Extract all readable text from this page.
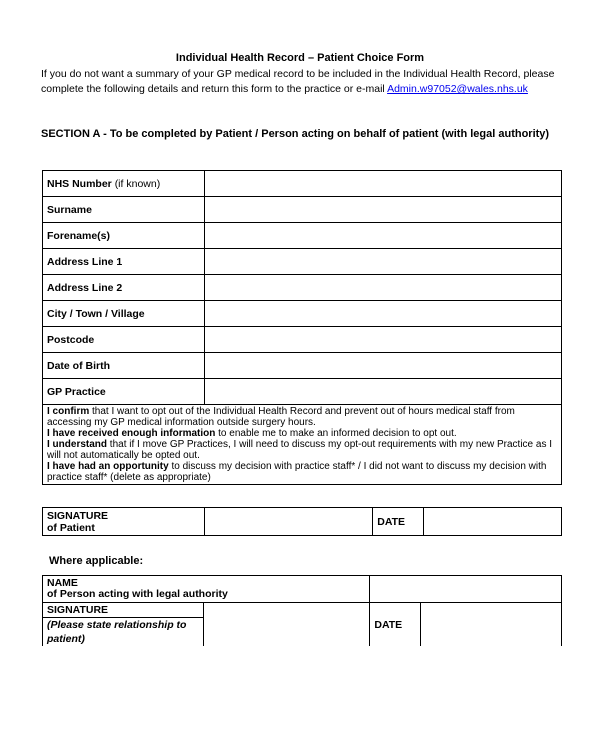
Individual Health Record – Patient Choice Form
If you do not want a summary of your GP medical record to be included in the Individual Health Record, please complete the following details and return this form to the practice or e-mail Admin.w97052@wales.nhs.uk
SECTION A - To be completed by Patient / Person acting on behalf of patient (with legal authority)
NHS Number (if known)	
Surname	
Forename(s)	
Address Line 1	
Address Line 2	
City / Town / Village	
Postcode	
Date of Birth	
GP Practice	

I confirm that I want to opt out of the Individual Health Record and prevent out of hours medical staff from accessing my GP medical information outside surgery hours.

I have received enough information to enable me to make an informed decision to opt out.

I understand that if I move GP Practices, I will need to discuss my opt-out requirements with my new Practice as I will not automatically be opted out.

I have had an opportunity to discuss my decision with practice staff* / I did not want to discuss my decision with practice staff* (delete as appropriate)	

SIGNATURE
of Patient		DATE	
Where applicable:
NAME
of Person acting with legal authority			
SIGNATURE		DATE	
(Please state relationship to patient)			
